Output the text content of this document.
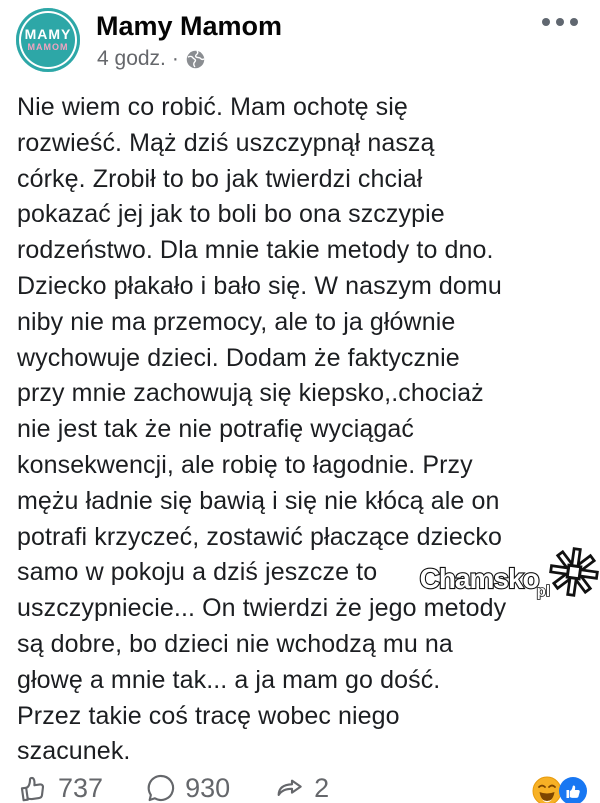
MAMY
MAMOM
Mamy Mamom
4 godz. ·
Nie wiem co robić. Mam ochotę się
rozwieść. Mąż dziś uszczypnął naszą
córkę. Zrobił to bo jak twierdzi chciał
pokazać jej jak to boli bo ona szczypie
rodzeństwo. Dla mnie takie metody to dno.
Dziecko płakało i bało się. W naszym domu
niby nie ma przemocy, ale to ja głównie
wychowuje dzieci. Dodam że faktycznie
przy mnie zachowują się kiepsko,.chociaż
nie jest tak że nie potrafię wyciągać
konsekwencji, ale robię to łagodnie. Przy
mężu ładnie się bawią i się nie kłócą ale on
potrafi krzyczeć, zostawić płaczące dziecko
samo w pokoju a dziś jeszcze to
uszczypniecie... On twierdzi że jego metody
są dobre, bo dzieci nie wchodzą mu na
głowę a mnie tak... a ja mam go dość.
Przez takie coś tracę wobec niego
szacunek.
Chamsko
pl
737	930	2
